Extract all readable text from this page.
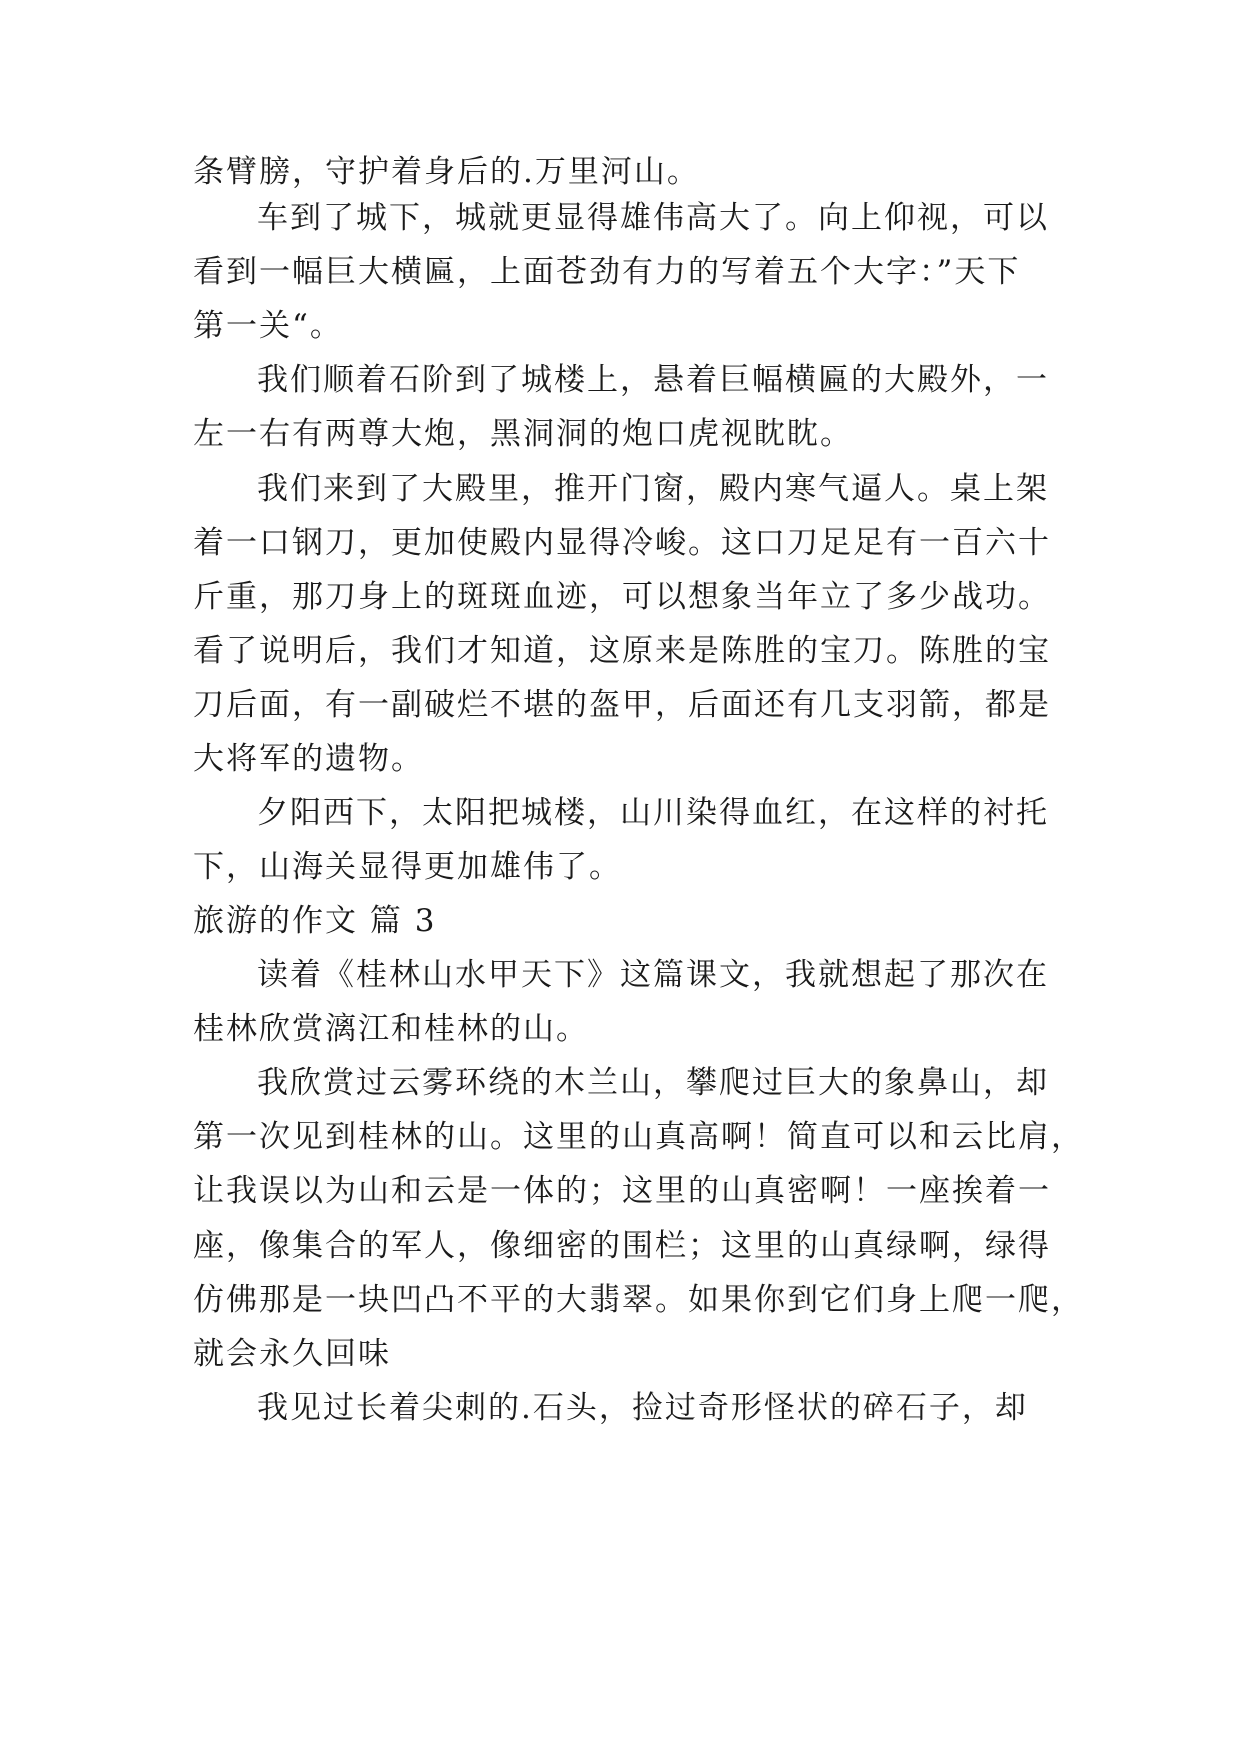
条臂膀，守护着身后的.万里河山。
车到了城下，城就更显得雄伟高大了。向上仰视，可以
看到一幅巨大横匾，上面苍劲有力的写着五个大字：”天下
第一关“。
我们顺着石阶到了城楼上，悬着巨幅横匾的大殿外，一
左一右有两尊大炮，黑洞洞的炮口虎视眈眈。
我们来到了大殿里，推开门窗，殿内寒气逼人。桌上架
着一口钢刀，更加使殿内显得冷峻。这口刀足足有一百六十
斤重，那刀身上的斑斑血迹，可以想象当年立了多少战功。
看了说明后，我们才知道，这原来是陈胜的宝刀。陈胜的宝
刀后面，有一副破烂不堪的盔甲，后面还有几支羽箭，都是
大将军的遗物。
夕阳西下，太阳把城楼，山川染得血红，在这样的衬托
下，山海关显得更加雄伟了。
旅游的作文 篇 3
读着《桂林山水甲天下》这篇课文，我就想起了那次在
桂林欣赏漓江和桂林的山。
我欣赏过云雾环绕的木兰山，攀爬过巨大的象鼻山，却
第一次见到桂林的山。这里的山真高啊！简直可以和云比肩，
让我误以为山和云是一体的；这里的山真密啊！一座挨着一
座，像集合的军人，像细密的围栏；这里的山真绿啊，绿得
仿佛那是一块凹凸不平的大翡翠。如果你到它们身上爬一爬，
就会永久回味
我见过长着尖刺的.石头，捡过奇形怪状的碎石子，却
